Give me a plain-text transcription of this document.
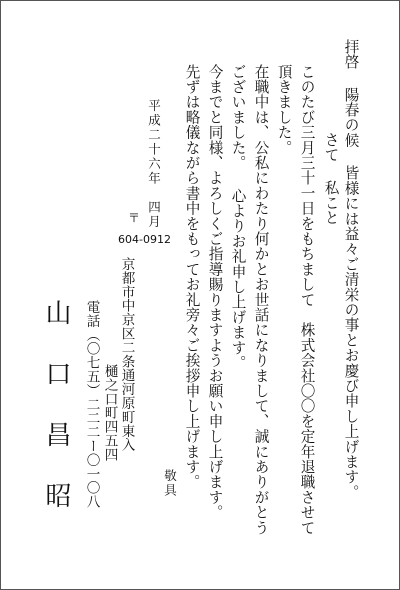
拝啓 陽春の候 皆様には益々ご清栄の事とお慶び申し上げます。
さて 私こと
このたび三月三十一日をもちまして　株式会社〇〇を定年退職させて
頂きました。
在職中は、公私にわたり何かとお世話になりまして、誠にありがとう
ございました。 心よりお礼申し上げます。
今までと同様、よろしくご指導賜りますようお願い申し上げます。
先ずは略儀ながら書中をもってお礼旁々ご挨拶申し上げます。
平成二十六年　四月
敬具
〒
604-0912
京都市中京区二条通河原町東入
樋之口町四五四
電話（〇七五）二二二ー〇一〇八
山口昌昭
